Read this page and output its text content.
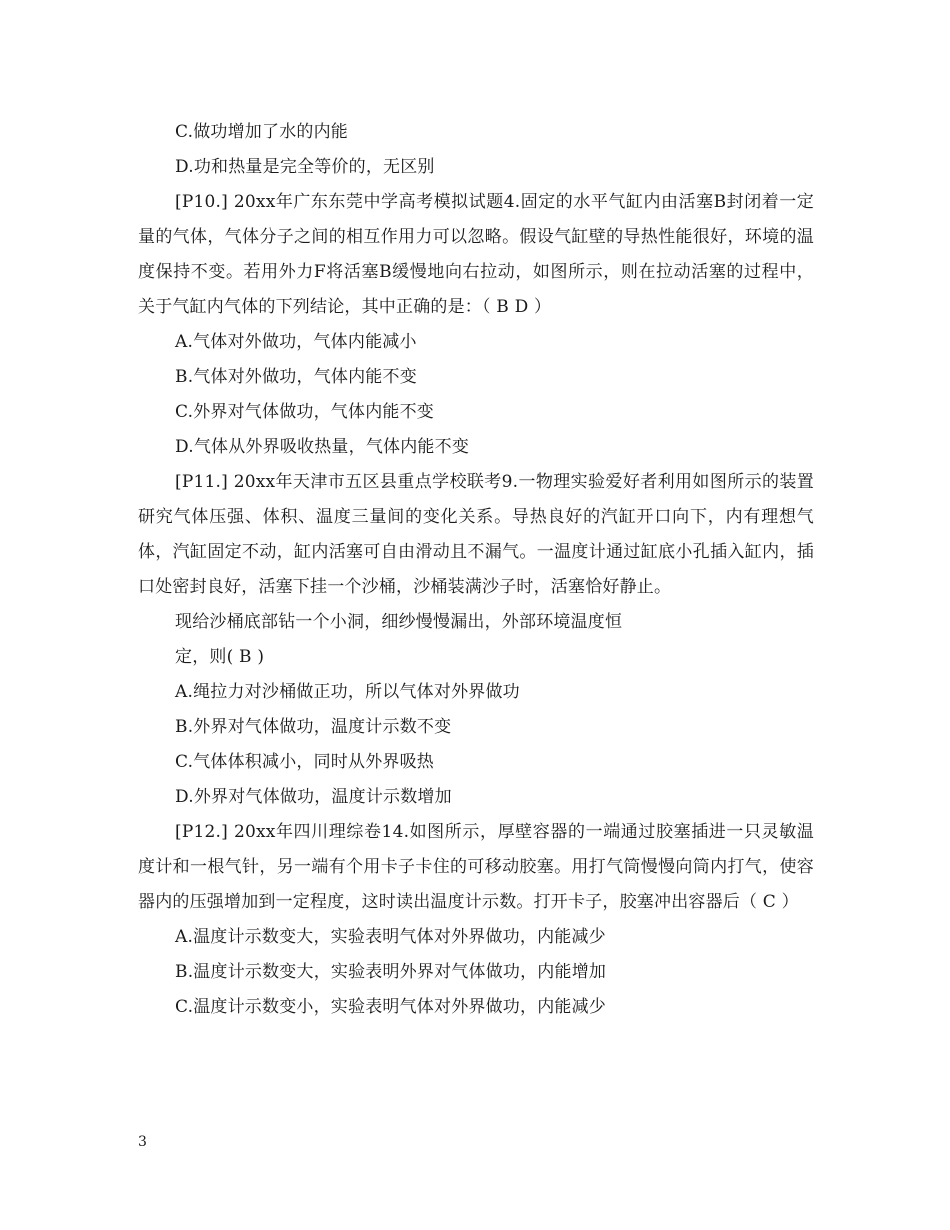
C.做功增加了水的内能

D.功和热量是完全等价的，无区别

[P10.] 20xx年广东东莞中学高考模拟试题4.固定的水平气缸内由活塞B封闭着一定量的气体，气体分子之间的相互作用力可以忽略。假设气缸壁的导热性能很好，环境的温度保持不变。若用外力F将活塞B缓慢地向右拉动，如图所示，则在拉动活塞的过程中，关于气缸内气体的下列结论，其中正确的是：（ B D ）

A.气体对外做功，气体内能减小

B.气体对外做功，气体内能不变

C.外界对气体做功，气体内能不变

D.气体从外界吸收热量，气体内能不变

[P11.] 20xx年天津市五区县重点学校联考9.一物理实验爱好者利用如图所示的装置研究气体压强、体积、温度三量间的变化关系。导热良好的汽缸开口向下，内有理想气体，汽缸固定不动，缸内活塞可自由滑动且不漏气。一温度计通过缸底小孔插入缸内，插口处密封良好，活塞下挂一个沙桶，沙桶装满沙子时，活塞恰好静止。

现给沙桶底部钻一个小洞，细纱慢慢漏出，外部环境温度恒

定，则( B )

A.绳拉力对沙桶做正功，所以气体对外界做功

B.外界对气体做功，温度计示数不变

C.气体体积减小，同时从外界吸热

D.外界对气体做功，温度计示数增加

[P12.] 20xx年四川理综卷14.如图所示，厚壁容器的一端通过胶塞插进一只灵敏温度计和一根气针，另一端有个用卡子卡住的可移动胶塞。用打气筒慢慢向筒内打气，使容器内的压强增加到一定程度，这时读出温度计示数。打开卡子，胶塞冲出容器后（ C ）

A.温度计示数变大，实验表明气体对外界做功，内能减少

B.温度计示数变大，实验表明外界对气体做功，内能增加

C.温度计示数变小，实验表明气体对外界做功，内能减少

3
